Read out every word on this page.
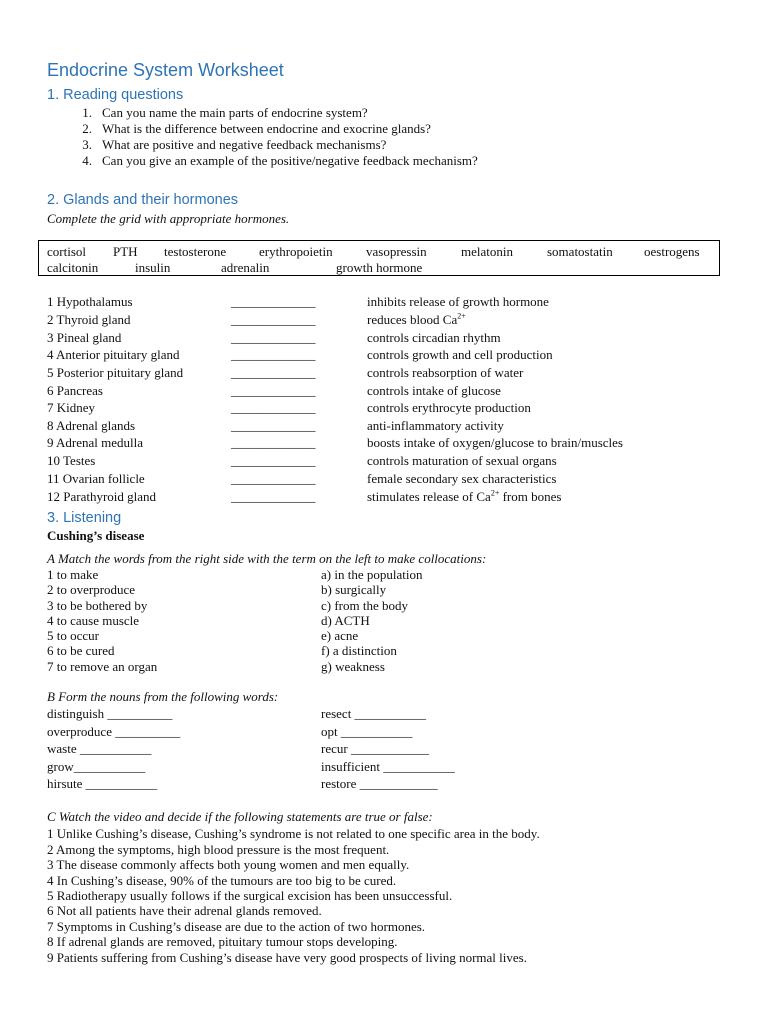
Endocrine System Worksheet
1. Reading questions
1. Can you name the main parts of endocrine system?
2. What is the difference between endocrine and exocrine glands?
3. What are positive and negative feedback mechanisms?
4. Can you give an example of the positive/negative feedback mechanism?
2. Glands and their hormones
Complete the grid with appropriate hormones.
cortisol PTH testosterone	erythropoietin	vasopressin	melatonin	somatostatin oestrogens
calcitonin	insulin	adrenalin	growth hormone
1 Hypothalamus	_____________	inhibits release of growth hormone
2 Thyroid gland	_____________	reduces blood $Ca^{2+}$
3 Pineal gland	_____________	controls circadian rhythm
4 Anterior pituitary gland	_____________	controls growth and cell production
5 Posterior pituitary gland	_____________	controls reabsorption of water
6 Pancreas	_____________	controls intake of glucose
7 Kidney	_____________	controls erythrocyte production
8 Adrenal glands	_____________	anti-inflammatory activity
9 Adrenal medulla	_____________	boosts intake of oxygen/glucose to brain/muscles
10 Testes	_____________	controls maturation of sexual organs
11 Ovarian follicle	_____________	female secondary sex characteristics
12 Parathyroid gland	_____________	stimulates release of $Ca^{2+}$ from bones
3. Listening
Cushing’s disease
A Match the words from the right side with the term on the left to make collocations:
1 to make	a) in the population
2 to overproduce	b) surgically
3 to be bothered by	c) from the body
4 to cause muscle	d) ACTH
5 to occur	e) acne
6 to be cured	f) a distinction
7 to remove an organ	g) weakness
B Form the nouns from the following words:
distinguish __________	resect ___________
overproduce __________	opt ___________
waste ___________	recur ____________
grow___________	insufficient ___________
hirsute ___________	restore ____________
C Watch the video and decide if the following statements are true or false:
1 Unlike Cushing’s disease, Cushing’s syndrome is not related to one specific area in the body.
2 Among the symptoms, high blood pressure is the most frequent.
3 The disease commonly affects both young women and men equally.
4 In Cushing’s disease, 90% of the tumours are too big to be cured.
5 Radiotherapy usually follows if the surgical excision has been unsuccessful.
6 Not all patients have their adrenal glands removed.
7 Symptoms in Cushing’s disease are due to the action of two hormones.
8 If adrenal glands are removed, pituitary tumour stops developing.
9 Patients suffering from Cushing’s disease have very good prospects of living normal lives.
